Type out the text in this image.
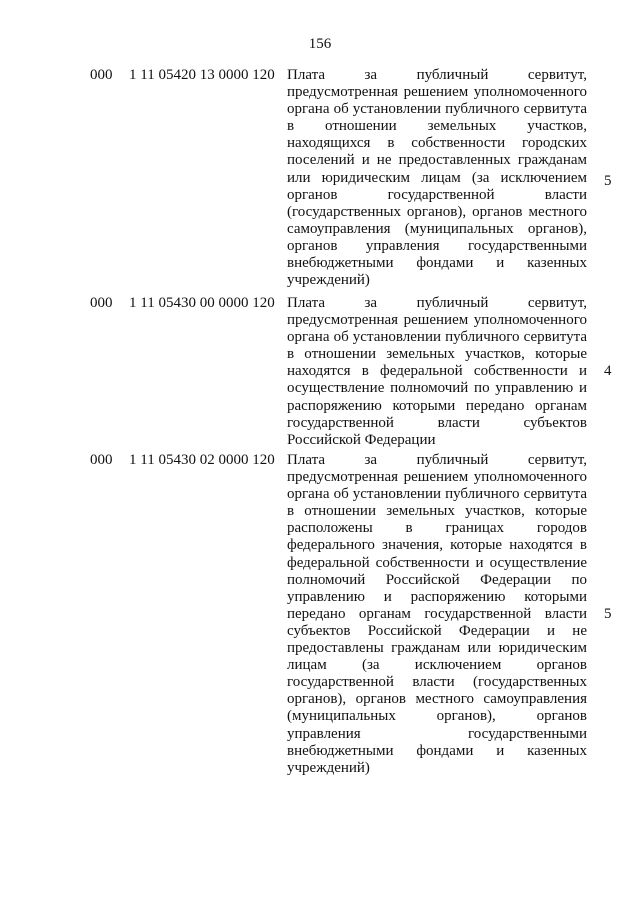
156
000 1 11 05420 13 0000 120 Плата за публичный сервитут,
предусмотренная решением уполномоченного
органа об установлении публичного сервитута
в отношении земельных участков,
находящихся в собственности городских
поселений и не предоставленных гражданам
или юридическим лицам (за исключением
органов государственной власти
(государственных органов), органов местного
самоуправления (муниципальных органов),
органов управления государственными
внебюджетными фондами и казенных
учреждений)
5
000 1 11 05430 00 0000 120 Плата за публичный сервитут,
предусмотренная решением уполномоченного
органа об установлении публичного сервитута
в отношении земельных участков, которые
находятся в федеральной собственности и
осуществление полномочий по управлению и
распоряжению которыми передано органам
государственной власти субъектов
Российской Федерации
4
000 1 11 05430 02 0000 120 Плата за публичный сервитут,
предусмотренная решением уполномоченного
органа об установлении публичного сервитута
в отношении земельных участков, которые
расположены в границах городов
федерального значения, которые находятся в
федеральной собственности и осуществление
полномочий Российской Федерации по
управлению и распоряжению которыми
передано органам государственной власти
субъектов Российской Федерации и не
предоставлены гражданам или юридическим
лицам (за исключением органов
государственной власти (государственных
органов), органов местного самоуправления
(муниципальных органов), органов
управления государственными
внебюджетными фондами и казенных
учреждений)
5
